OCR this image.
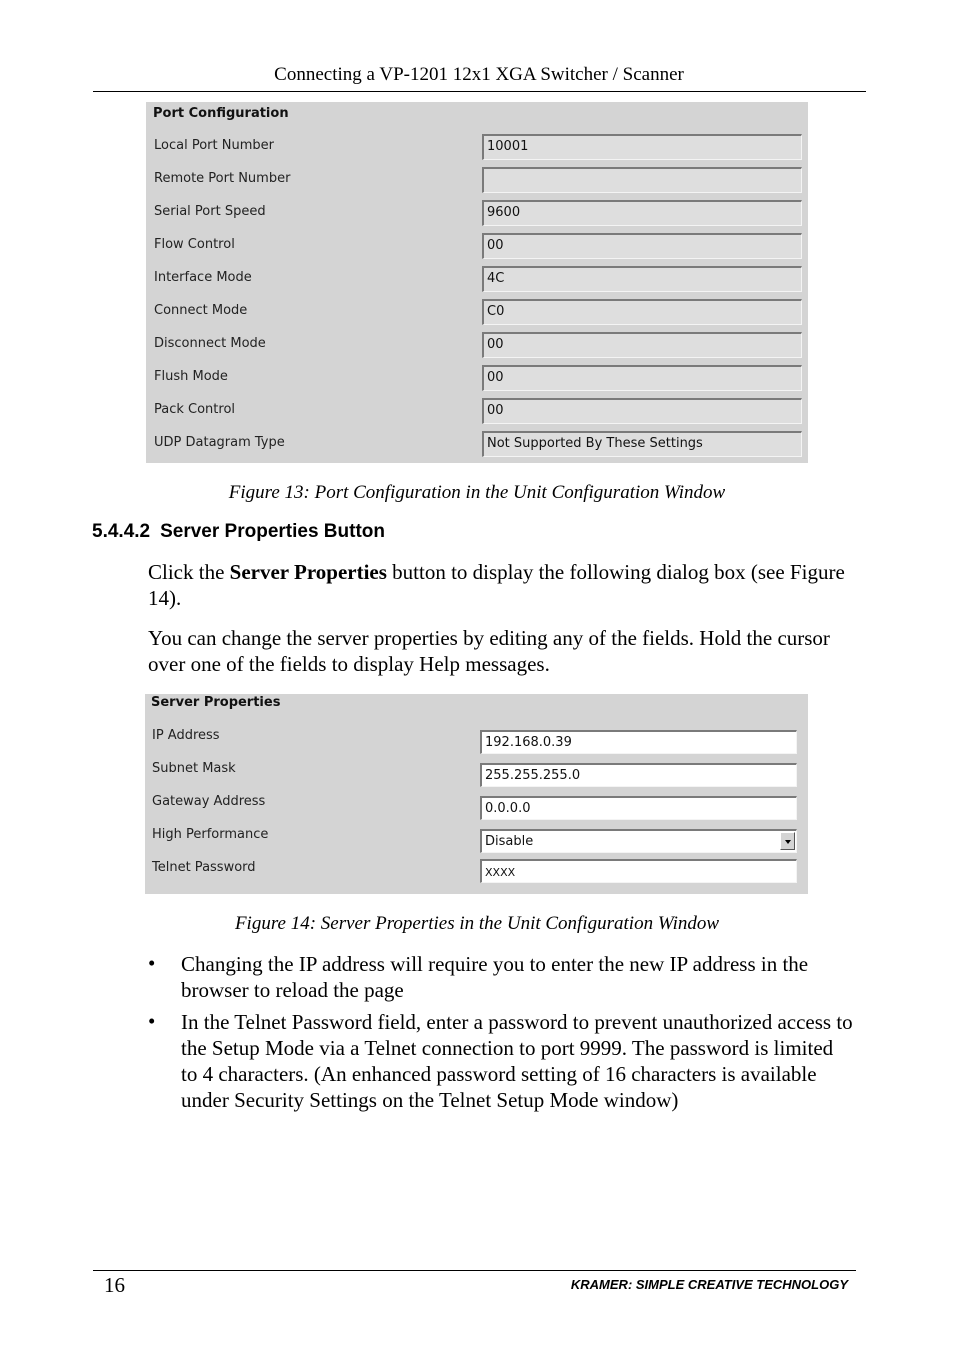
Connecting a VP-1201 12x1 XGA Switcher / Scanner
Port Configuration
Local Port Number	10001
Remote Port Number
Serial Port Speed	9600
Flow Control	00
Interface Mode	4C
Connect Mode	C0
Disconnect Mode	00
Flush Mode	00
Pack Control	00
UDP Datagram Type	Not Supported By These Settings
Figure 13: Port Configuration in the Unit Configuration Window
5.4.4.2 Server Properties Button
Click the Server Properties button to display the following dialog box (see Figure 14).
You can change the server properties by editing any of the fields. Hold the cursor over one of the fields to display Help messages.
Server Properties
IP Address	192.168.0.39
Subnet Mask	255.255.255.0
Gateway Address	0.0.0.0
High Performance	Disable
Telnet Password	XXXX
Figure 14: Server Properties in the Unit Configuration Window
• Changing the IP address will require you to enter the new IP address in the browser to reload the page
• In the Telnet Password field, enter a password to prevent unauthorized access to the Setup Mode via a Telnet connection to port 9999. The password is limited to 4 characters. (An enhanced password setting of 16 characters is available under Security Settings on the Telnet Setup Mode window)
16	KRAMER: SIMPLE CREATIVE TECHNOLOGY
